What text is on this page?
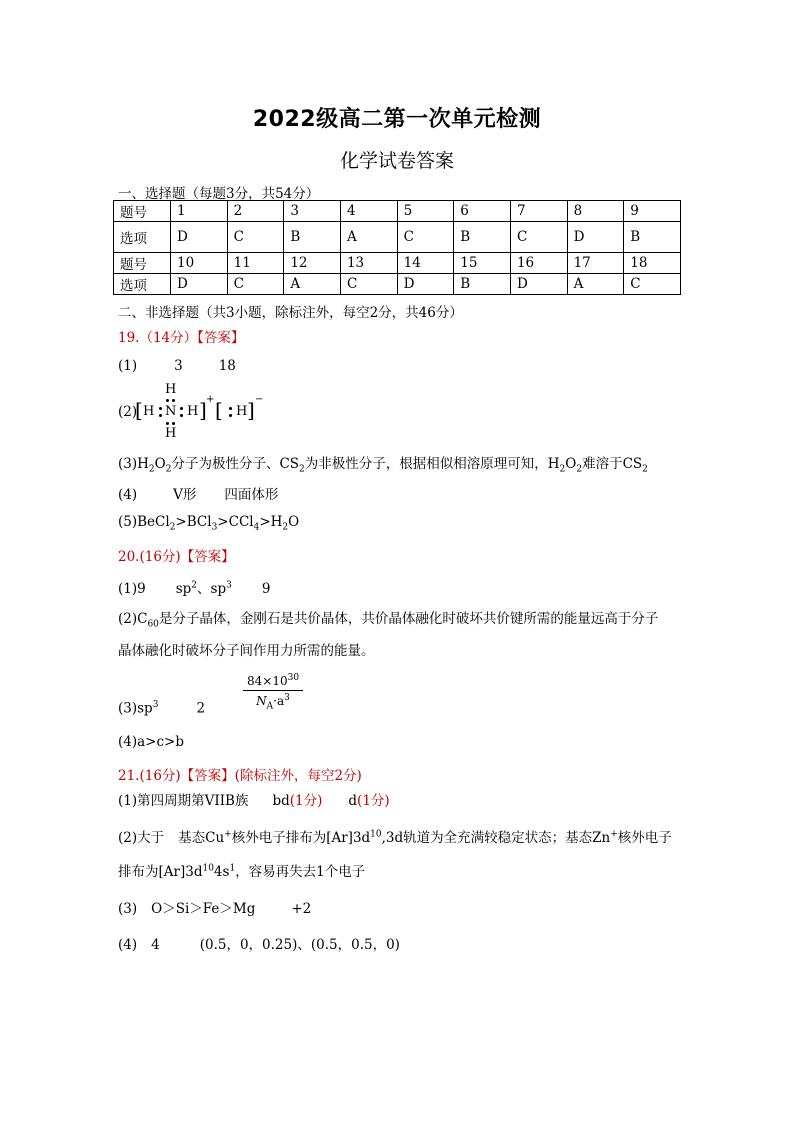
2022级高二第一次单元检测
化学试卷答案
一、选择题（每题3分，共54分）
题号	1	2	3	4	5	6	7	8	9
选项	D	C	B	A	C	B	C	D	B
题号	10	11	12	13	14	15	16	17	18
选项	D	C	A	C	D	B	D	A	C
二、非选择题（共3小题，除标注外，每空2分，共46分）
19.（14分）【答案】
(1)	3	18
(2)
[
H
H N H
H
] + [ H ] −
$(3)H_2O_2$分子为极性分子、$CS_2$为非极性分子，根据相似相溶原理可知，$H_2O_2$难溶于$CS_2$
(4)	V形 四面体形
$(5)BeCl_2>BCl_3>CCl_4>H_2O$
20.(16分)【答案】
(1)9 $sp^2$、$sp^3$ 9
$(2)C_{60}$是分子晶体，金刚石是共价晶体，共价晶体融化时破坏共价键所需的能量远高于分子
晶体融化时破坏分子间作用力所需的能量。
$(3)sp^3$	2	$\frac{84\times 10^{30}}{N_A\cdot a^3}$
(4)a>c>b
21.(16分)【答案】(除标注外，每空2分)
(1)第四周期第VIIB族 bd(1分) d(1分)
(2)大于 基态Cu+核外电子排布为$[Ar]3d^{10},3d$轨道为全充满较稳定状态；基态Zn+核外电子
排布为$[Ar]3d^{10}4s^1$，容易再失去1个电子
(3) O＞Si＞Fe＞Mg	+2
(4) 4	(0.5，0，0.25)、(0.5，0.5，0)
